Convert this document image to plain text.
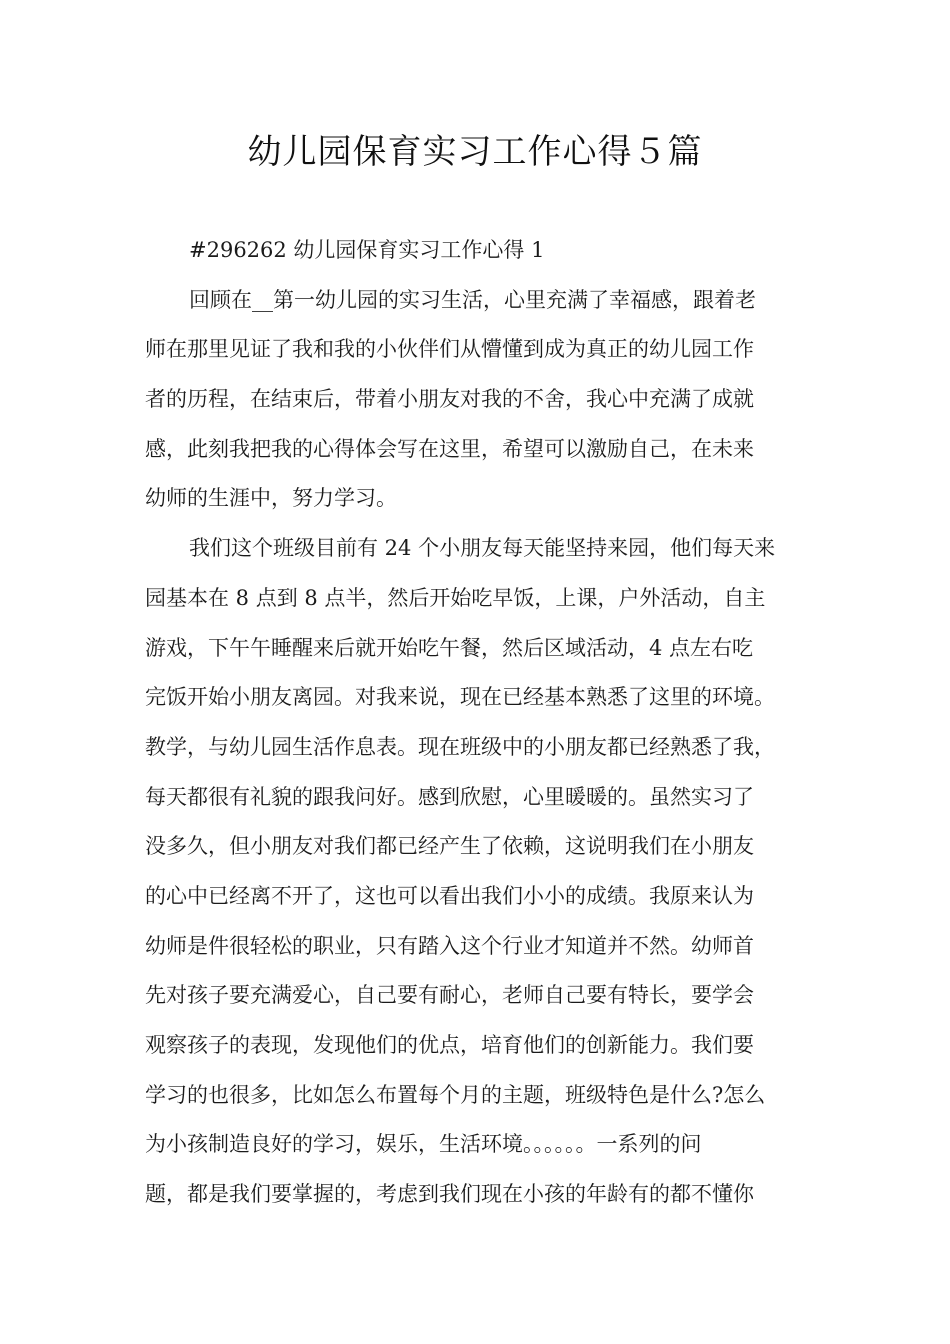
幼儿园保育实习工作心得５篇

#296262 幼儿园保育实习工作心得 1

回顾在__第一幼儿园的实习生活，心里充满了幸福感，跟着老

师在那里见证了我和我的小伙伴们从懵懂到成为真正的幼儿园工作

者的历程，在结束后，带着小朋友对我的不舍，我心中充满了成就

感，此刻我把我的心得体会写在这里，希望可以激励自己，在未来

幼师的生涯中，努力学习。

我们这个班级目前有 24 个小朋友每天能坚持来园，他们每天来

园基本在 8 点到 8 点半，然后开始吃早饭，上课，户外活动，自主

游戏，下午午睡醒来后就开始吃午餐，然后区域活动，4 点左右吃

完饭开始小朋友离园。对我来说，现在已经基本熟悉了这里的环境。

教学，与幼儿园生活作息表。现在班级中的小朋友都已经熟悉了我，

每天都很有礼貌的跟我问好。感到欣慰，心里暖暖的。虽然实习了

没多久，但小朋友对我们都已经产生了依赖，这说明我们在小朋友

的心中已经离不开了，这也可以看出我们小小的成绩。我原来认为

幼师是件很轻松的职业，只有踏入这个行业才知道并不然。幼师首

先对孩子要充满爱心，自己要有耐心，老师自己要有特长，要学会

观察孩子的表现，发现他们的优点，培育他们的创新能力。我们要

学习的也很多，比如怎么布置每个月的主题，班级特色是什么?怎么

为小孩制造良好的学习，娱乐，生活环境。。。。。。一系列的问

题，都是我们要掌握的，考虑到我们现在小孩的年龄有的都不懂你
